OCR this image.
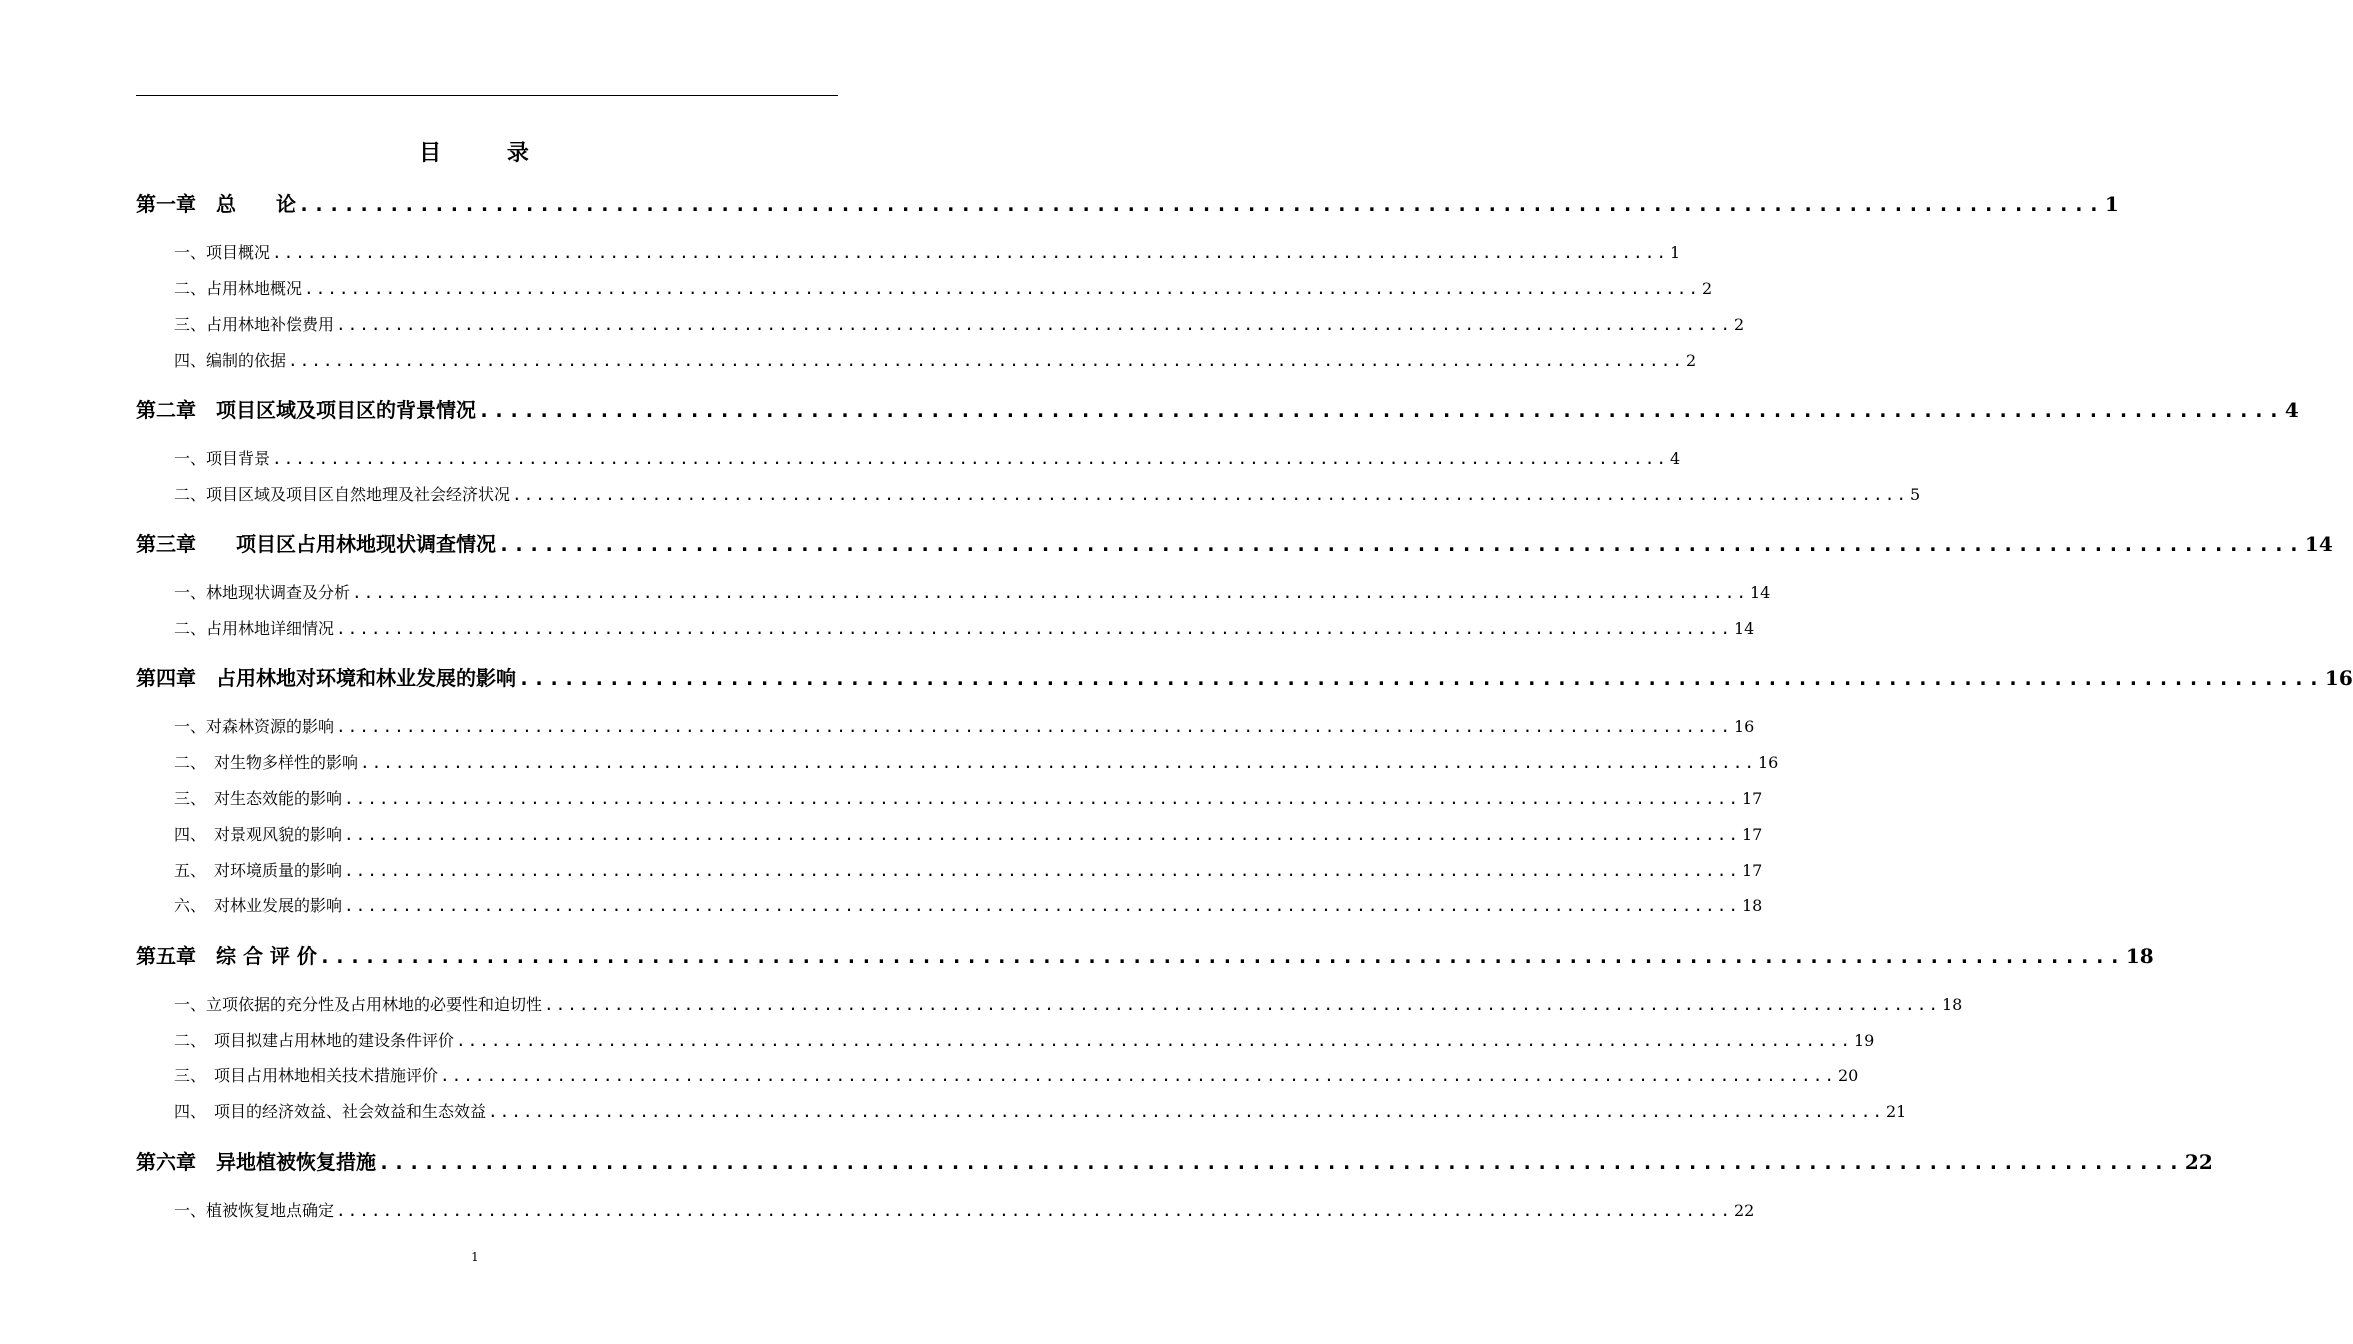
目 录
第一章　总　　论 ........................................................................................................................ 1
一、项目概况 ........................................................................................................................ 1
二、占用林地概况 ........................................................................................................................ 2
三、占用林地补偿费用 ........................................................................................................................ 2
四、编制的依据 ........................................................................................................................ 2
第二章　项目区域及项目区的背景情况 ........................................................................................................................ 4
一、项目背景 ........................................................................................................................ 4
二、项目区域及项目区自然地理及社会经济状况 ........................................................................................................................ 5
第三章　　项目区占用林地现状调查情况 ........................................................................................................................ 14
一、林地现状调查及分析 ........................................................................................................................ 14
二、占用林地详细情况 ........................................................................................................................ 14
第四章　占用林地对环境和林业发展的影响 ........................................................................................................................ 16
一、对森林资源的影响 ........................................................................................................................ 16
二、　对生物多样性的影响 ........................................................................................................................ 16
三、　对生态效能的影响 ........................................................................................................................ 17
四、　对景观风貌的影响 ........................................................................................................................ 17
五、　对环境质量的影响 ........................................................................................................................ 17
六、　对林业发展的影响 ........................................................................................................................ 18
第五章　综 合 评 价 ........................................................................................................................ 18
一、立项依据的充分性及占用林地的必要性和迫切性 ........................................................................................................................ 18
二、　项目拟建占用林地的建设条件评价 ........................................................................................................................ 19
三、　项目占用林地相关技术措施评价 ........................................................................................................................ 20
四、　项目的经济效益、社会效益和生态效益 ........................................................................................................................ 21
第六章　异地植被恢复措施 ........................................................................................................................ 22
一、植被恢复地点确定 ........................................................................................................................ 22
1
